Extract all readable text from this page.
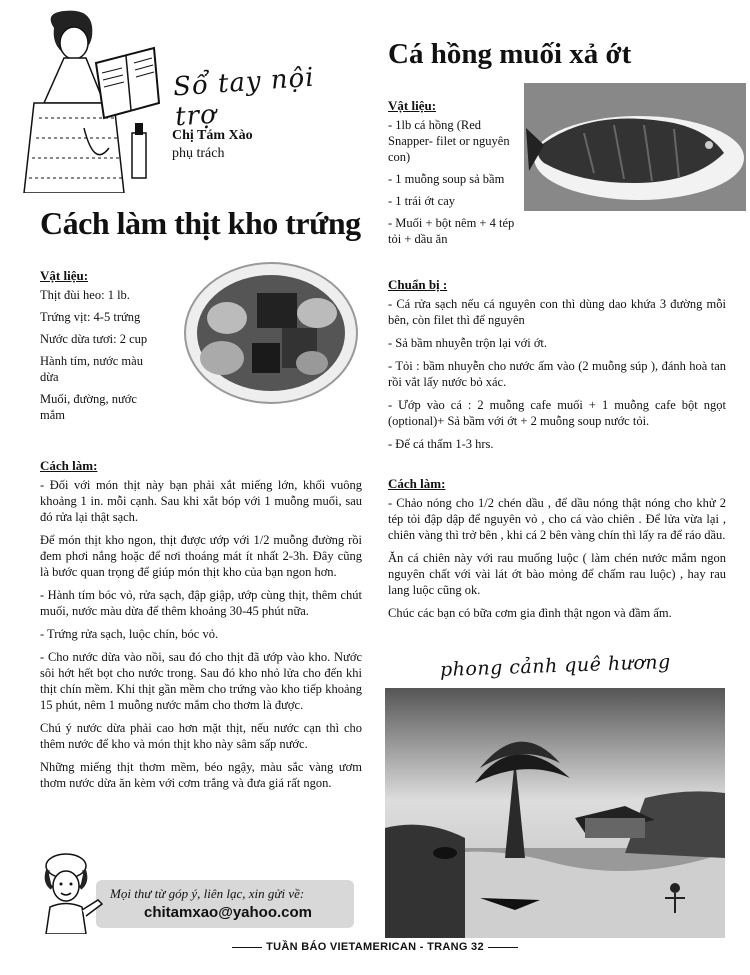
Sổ tay nội trợ
Chị Tám Xào
phụ trách
Cách làm thịt kho trứng
Vật liệu:
Thịt đùi heo: 1 lb.
Trứng vịt: 4-5 trứng
Nước dừa tươi: 2 cup
Hành tím, nước màu dừa
Muối, đường, nước mắm
Cách làm:

- Đối với món thịt này bạn phải xắt miếng lớn, khối vuông khoảng 1 in. mỗi cạnh. Sau khi xắt bóp với 1 muỗng muối, sau đó rửa lại thật sạch.

Để món thịt kho ngon, thịt được ướp với 1/2 muỗng đường rồi đem phơi nắng hoặc để nơi thoáng mát ít nhất 2-3h. Đây cũng là bước quan trọng để giúp món thịt kho của bạn ngon hơn.

- Hành tím bóc vỏ, rửa sạch, đập giập, ướp cùng thịt, thêm chút muối, nước màu dừa để thêm khoảng 30-45 phút nữa.

- Trứng rửa sạch, luộc chín, bóc vỏ.

- Cho nước dừa vào nồi, sau đó cho thịt đã ướp vào kho. Nước sôi hớt hết bọt cho nước trong. Sau đó kho nhỏ lửa cho đến khi thịt chín mềm. Khi thịt gần mềm cho trứng vào kho tiếp khoảng 15 phút, nêm 1 muỗng nước mắm cho thơm là được.

Chú ý nước dừa phải cao hơn mặt thịt, nếu nước cạn thì cho thêm nước để kho và món thịt kho này sâm sấp nước.

Những miếng thịt thơm mềm, béo ngậy, màu sắc vàng ươm thơm nước dừa ăn kèm với cơm trắng và đưa giá rất ngon.

Mọi thư từ góp ý, liên lạc, xin gửi về:
chitamxao@yahoo.com
Cá hồng muối xả ớt
Vật liệu:
- 1lb cá hồng (Red Snapper- filet or nguyên con)
- 1 muỗng soup sả bầm
- 1 trái ớt cay
- Muối + bột nêm + 4 tép tỏi + dầu ăn
Chuẩn bị :

- Cá rửa sạch nếu cá nguyên con thì dùng dao khứa 3 đường mỗi bên, còn filet thì để nguyên

- Sả bầm nhuyễn trộn lại với ớt.

- Tỏi : bầm nhuyễn cho nước ấm vào (2 muỗng súp ), đánh hoà tan rồi vắt lấy nước bỏ xác.

- Ướp vào cá : 2 muỗng cafe muối + 1 muỗng cafe bột ngọt (optional)+ Sả bầm với ớt + 2 muỗng soup nước tỏi.

- Để cá thấm 1-3 hrs.

Cách làm:

- Chảo nóng cho 1/2 chén dầu , để dầu nóng thật nóng cho khử 2 tép tỏi đập dập để nguyên vỏ , cho cá vào chiên . Để lửa vừa lại , chiên vàng thì trở bên , khi cá 2 bên vàng chín thì lấy ra để ráo dầu.

Ăn cá chiên này với rau muống luộc ( làm chén nước mắm ngon nguyên chất với vài lát ớt bào mỏng để chấm rau luộc) , hay rau lang luộc cũng ok.

Chúc các bạn có bữa cơm gia đình thật ngon và đầm ấm.

phong cảnh quê hương
TUẦN BÁO VIETAMERICAN - TRANG 32
